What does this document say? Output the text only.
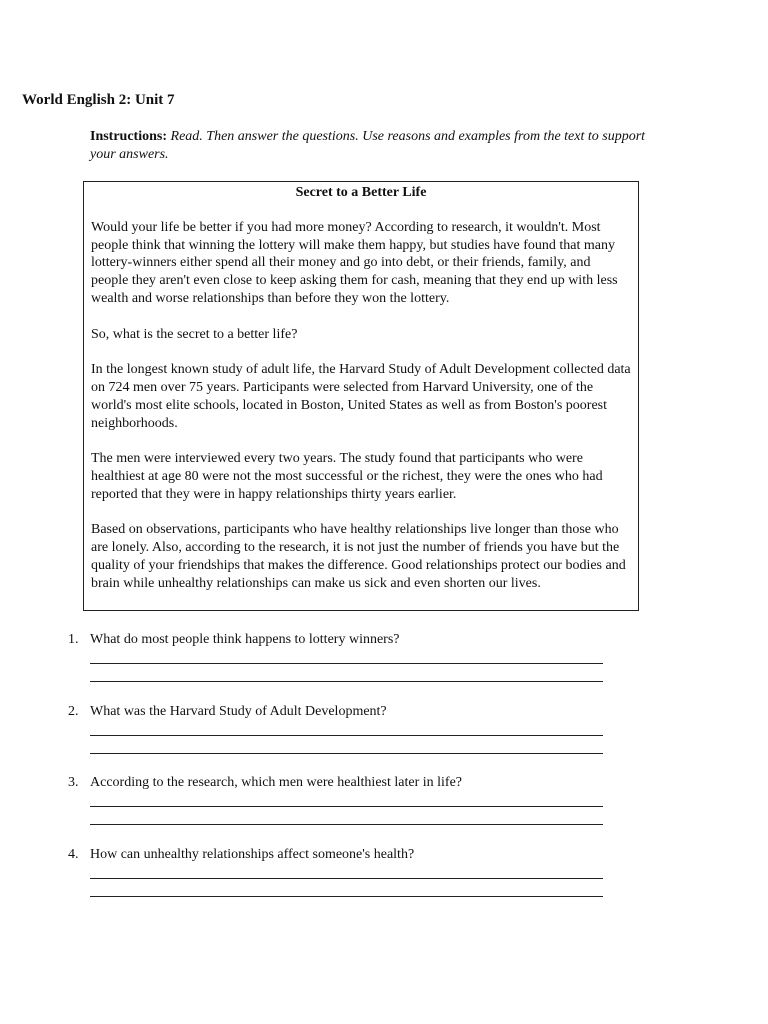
World English 2: Unit 7

Instructions: Read. Then answer the questions. Use reasons and examples from the text to support your answers.

Secret to a Better Life

Would your life be better if you had more money? According to research, it wouldn't. Most people think that winning the lottery will make them happy, but studies have found that many lottery-winners either spend all their money and go into debt, or their friends, family, and people they aren't even close to keep asking them for cash, meaning that they end up with less wealth and worse relationships than before they won the lottery.

So, what is the secret to a better life?

In the longest known study of adult life, the Harvard Study of Adult Development collected data on 724 men over 75 years. Participants were selected from Harvard University, one of the world's most elite schools, located in Boston, United States as well as from Boston's poorest neighborhoods.

The men were interviewed every two years. The study found that participants who were healthiest at age 80 were not the most successful or the richest, they were the ones who had reported that they were in happy relationships thirty years earlier.

Based on observations, participants who have healthy relationships live longer than those who are lonely. Also, according to the research, it is not just the number of friends you have but the quality of your friendships that makes the difference. Good relationships protect our bodies and brain while unhealthy relationships can make us sick and even shorten our lives.

1. What do most people think happens to lottery winners?
2. What was the Harvard Study of Adult Development?
3. According to the research, which men were healthiest later in life?
4. How can unhealthy relationships affect someone's health?
